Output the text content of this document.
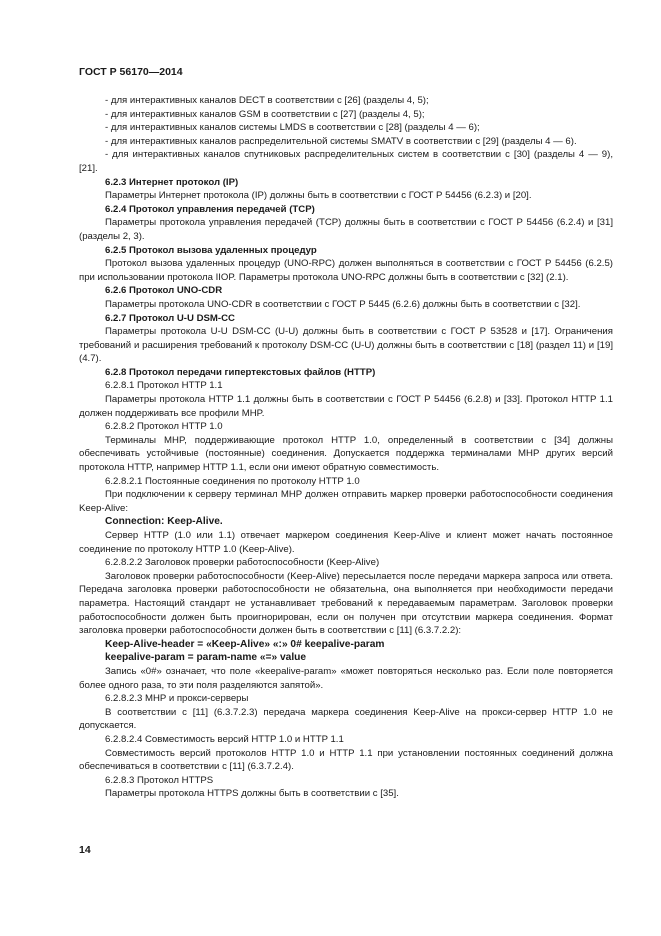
ГОСТ Р 56170—2014
- для интерактивных каналов DECT в соответствии с [26] (разделы 4, 5);
- для интерактивных каналов GSM в соответствии с [27] (разделы 4, 5);
- для интерактивных каналов системы LMDS в соответствии с [28] (разделы 4 — 6);
- для интерактивных каналов распределительной системы SMATV в соответствии с [29] (разделы 4 — 6).
- для интерактивных каналов спутниковых распределительных систем в соответствии с [30] (разделы 4 — 9), [21].
6.2.3 Интернет протокол (IP)
Параметры Интернет протокола (IP) должны быть в соответствии с ГОСТ Р 54456 (6.2.3) и [20].
6.2.4 Протокол управления передачей (TCP)
Параметры протокола управления передачей (TCP) должны быть в соответствии с ГОСТ Р 54456 (6.2.4) и [31] (разделы 2, 3).
6.2.5 Протокол вызова удаленных процедур
Протокол вызова удаленных процедур (UNO-RPC) должен выполняться в соответствии с ГОСТ Р 54456 (6.2.5) при использовании протокола IIOP. Параметры протокола UNO-RPC должны быть в соответствии с [32] (2.1).
6.2.6 Протокол UNO-CDR
Параметры протокола UNO-CDR в соответствии с ГОСТ Р 5445 (6.2.6) должны быть в соответствии с [32].
6.2.7 Протокол U-U DSM-CC
Параметры протокола U-U DSM-CC (U-U) должны быть в соответствии с ГОСТ Р 53528 и [17]. Ограничения требований и расширения требований к протоколу DSM-CC (U-U) должны быть в соответствии с [18] (раздел 11) и [19] (4.7).
6.2.8 Протокол передачи гипертекстовых файлов (HTTP)
6.2.8.1 Протокол HTTP 1.1
Параметры протокола HTTP 1.1 должны быть в соответствии с ГОСТ Р 54456 (6.2.8) и [33]. Протокол HTTP 1.1 должен поддерживать все профили MHP.
6.2.8.2 Протокол HTTP 1.0
Терминалы MHP, поддерживающие протокол HTTP 1.0, определенный в соответствии с [34] должны обеспечивать устойчивые (постоянные) соединения. Допускается поддержка терминалами MHP других версий протокола HTTP, например HTTP 1.1, если они имеют обратную совместимость.
6.2.8.2.1 Постоянные соединения по протоколу HTTP 1.0
При подключении к серверу терминал MHP должен отправить маркер проверки работоспособности соединения Keep-Alive:
Connection: Keep-Alive.
Сервер HTTP (1.0 или 1.1) отвечает маркером соединения Keep-Alive и клиент может начать постоянное соединение по протоколу HTTP 1.0 (Keep-Alive).
6.2.8.2.2 Заголовок проверки работоспособности (Keep-Alive)
Заголовок проверки работоспособности (Keep-Alive) пересылается после передачи маркера запроса или ответа. Передача заголовка проверки работоспособности не обязательна, она выполняется при необходимости передачи параметра. Настоящий стандарт не устанавливает требований к передаваемым параметрам. Заголовок проверки работоспособности должен быть проигнорирован, если он получен при отсутствии маркера соединения. Формат заголовка проверки работоспособности должен быть в соответствии с [11] (6.3.7.2.2):
Keep-Alive-header = «Keep-Alive» «:» 0# keepalive-param
keepalive-param = param-name «=» value
Запись «0#» означает, что поле «keepalive-param» «может повторяться несколько раз. Если поле повторяется более одного раза, то эти поля разделяются запятой».
6.2.8.2.3 MHP и прокси-серверы
В соответствии с [11] (6.3.7.2.3) передача маркера соединения Keep-Alive на прокси-сервер HTTP 1.0 не допускается.
6.2.8.2.4 Совместимость версий HTTP 1.0 и HTTP 1.1
Совместимость версий протоколов HTTP 1.0 и HTTP 1.1 при установлении постоянных соединений должна обеспечиваться в соответствии с [11] (6.3.7.2.4).
6.2.8.3 Протокол HTTPS
Параметры протокола HTTPS должны быть в соответствии с [35].
14
